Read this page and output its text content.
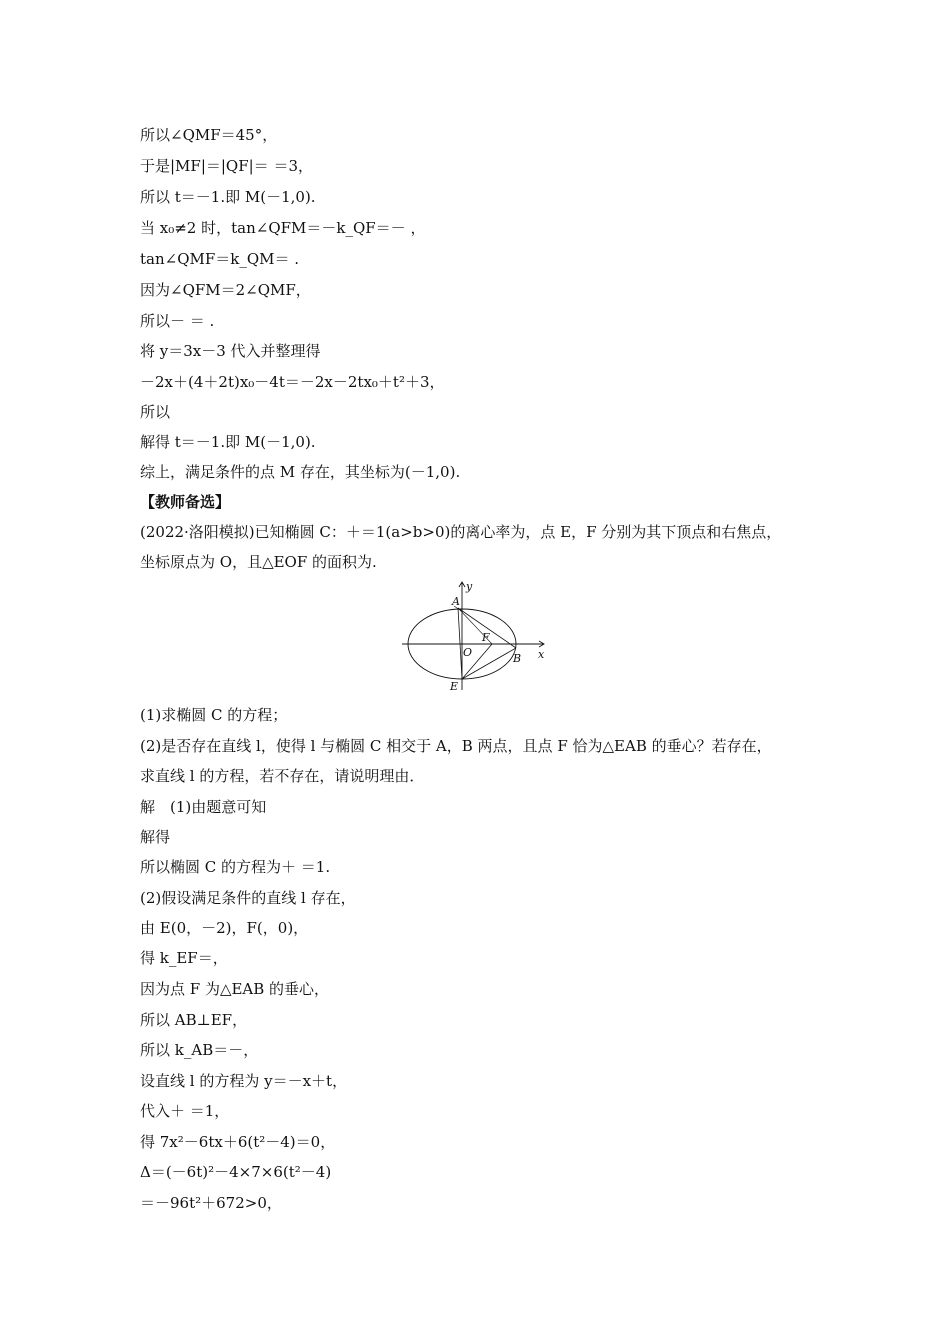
所以∠QMF＝45°，
于是|MF|＝|QF|＝ ＝3，
所以 t＝－1.即 M(－1,0).
当 x₀≠2 时，tan∠QFM＝－k_QF＝－ ，
tan∠QMF＝k_QM＝ .
因为∠QFM＝2∠QMF，
所以－ ＝ .
将 y＝3x－3 代入并整理得
－2x＋(4＋2t)x₀－4t＝－2x－2tx₀＋t²＋3，
所以
解得 t＝－1.即 M(－1,0).
综上，满足条件的点 M 存在，其坐标为(－1,0).
【教师备选】
(2022·洛阳模拟)已知椭圆 C：＋＝1(a>b>0)的离心率为，点 E，F 分别为其下顶点和右焦点，
坐标原点为 O，且△EOF 的面积为.
(1)求椭圆 C 的方程；
(2)是否存在直线 l，使得 l 与椭圆 C 相交于 A，B 两点，且点 F 恰为△EAB 的垂心？若存在，
求直线 l 的方程，若不存在，请说明理由．
解　(1)由题意可知
解得
所以椭圆 C 的方程为＋ ＝1.
(2)假设满足条件的直线 l 存在，
由 E(0，－2)，F(，0)，
得 k_EF＝，
因为点 F 为△EAB 的垂心，
所以 AB⊥EF，
所以 k_AB＝－，
设直线 l 的方程为 y＝－x＋t，
代入＋ ＝1，
得 7x²－6tx＋6(t²－4)＝0，
Δ＝(－6t)²－4×7×6(t²－4)
＝－96t²＋672>0，
y
x
A
B
E
F
O
